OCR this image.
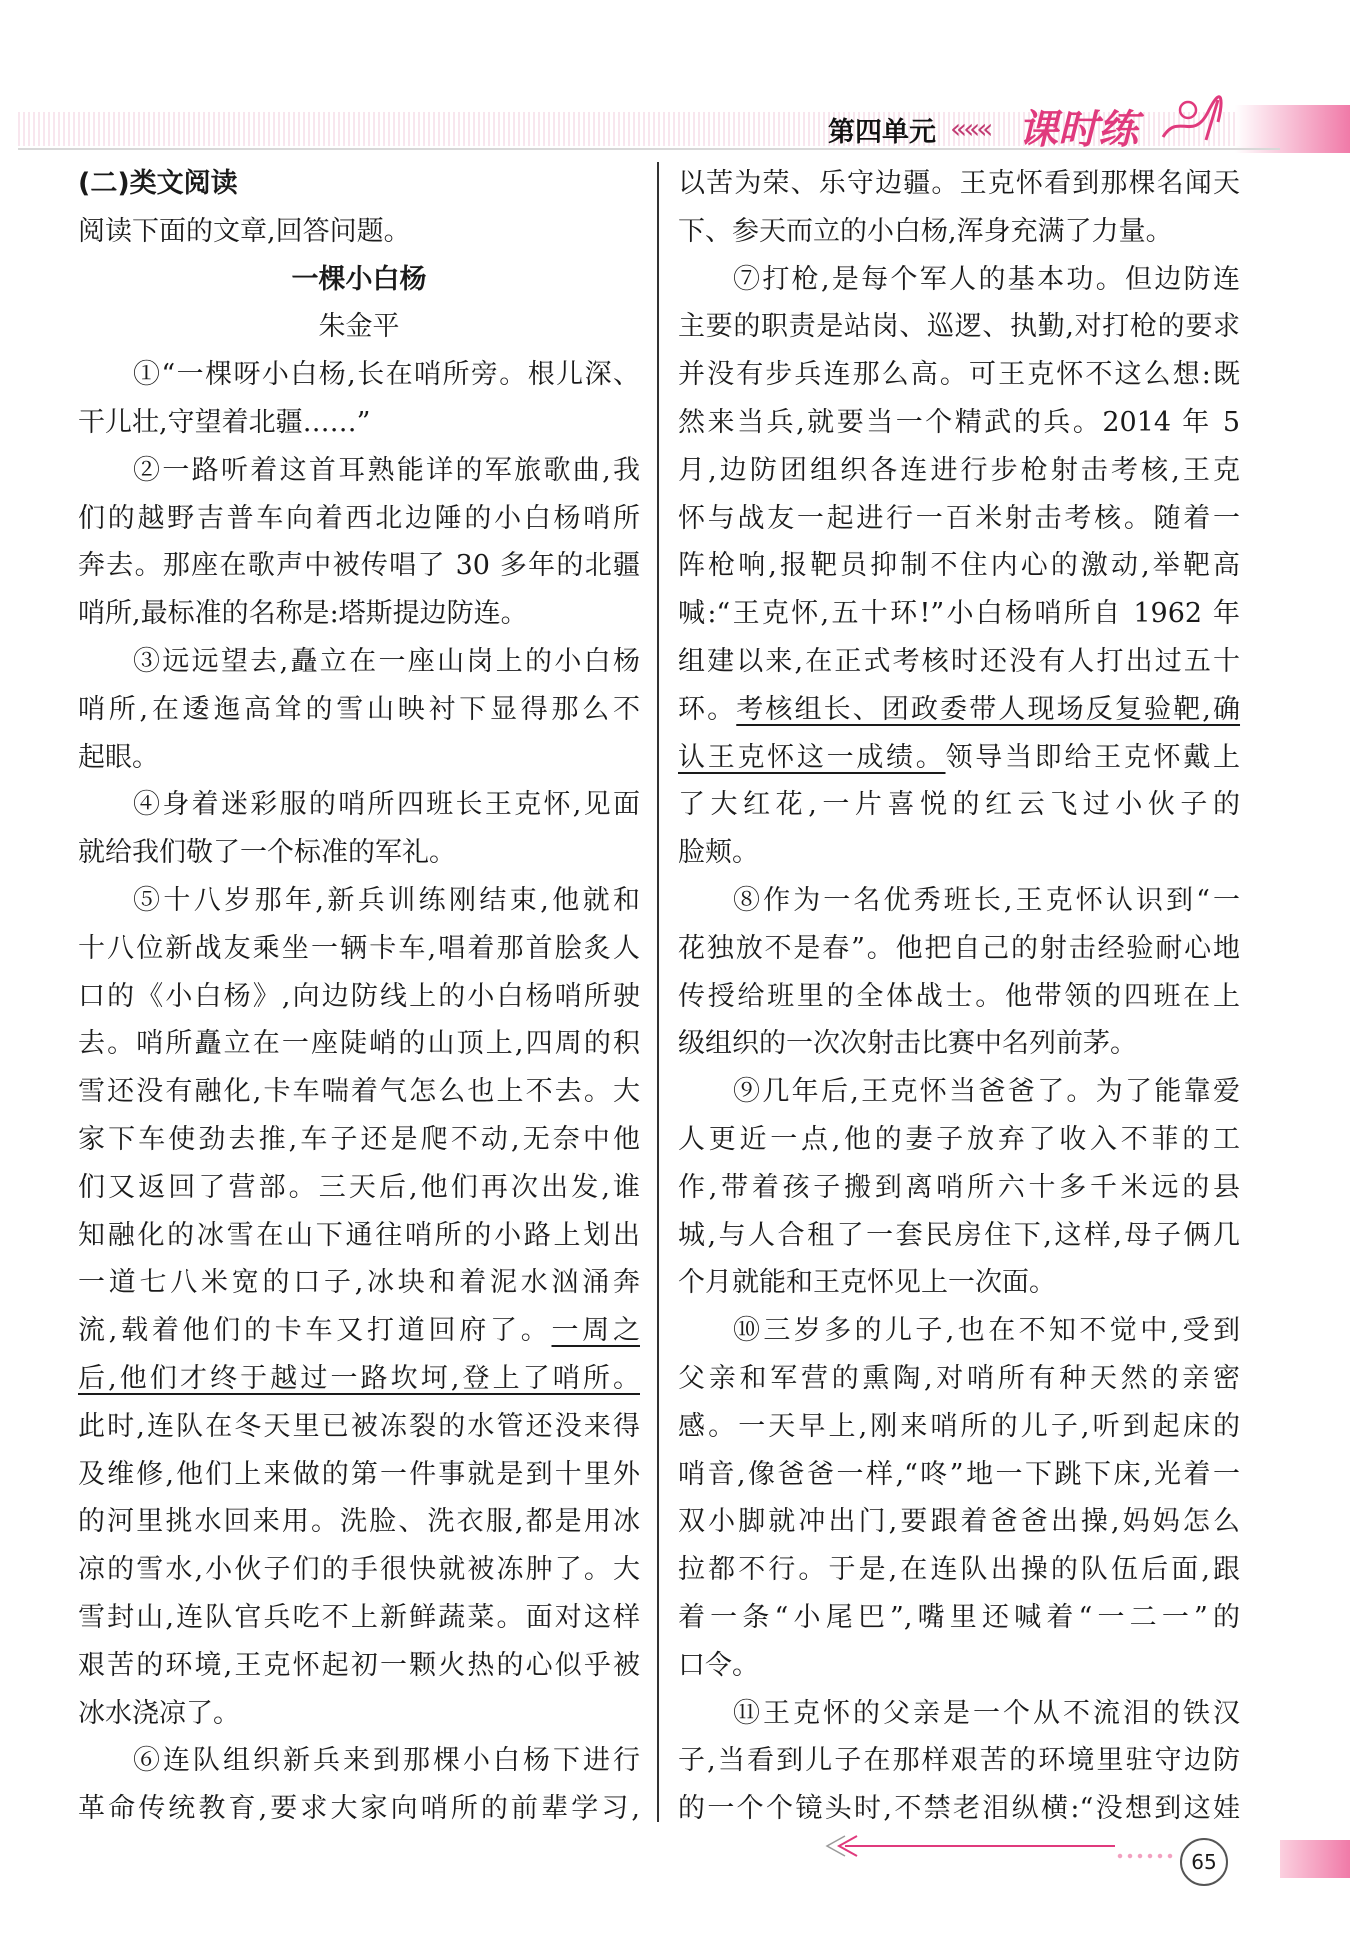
第四单元 ««« 课时练
(二)类文阅读
阅读下面的文章,回答问题。
一棵小白杨
朱金平
①“一棵呀小白杨,长在哨所旁。根儿深、
干儿壮,守望着北疆……”
②一路听着这首耳熟能详的军旅歌曲,我
们的越野吉普车向着西北边陲的小白杨哨所
奔去。那座在歌声中被传唱了 30 多年的北疆
哨所,最标准的名称是:塔斯提边防连。
③远远望去,矗立在一座山岗上的小白杨
哨所,在逶迤高耸的雪山映衬下显得那么不
起眼。
④身着迷彩服的哨所四班长王克怀,见面
就给我们敬了一个标准的军礼。
⑤十八岁那年,新兵训练刚结束,他就和
十八位新战友乘坐一辆卡车,唱着那首脍炙人
口的《小白杨》,向边防线上的小白杨哨所驶
去。哨所矗立在一座陡峭的山顶上,四周的积
雪还没有融化,卡车喘着气怎么也上不去。大
家下车使劲去推,车子还是爬不动,无奈中他
们又返回了营部。三天后,他们再次出发,谁
知融化的冰雪在山下通往哨所的小路上划出
一道七八米宽的口子,冰块和着泥水汹涌奔
流,载着他们的卡车又打道回府了。一周之
后,他们才终于越过一路坎坷,登上了哨所。
此时,连队在冬天里已被冻裂的水管还没来得
及维修,他们上来做的第一件事就是到十里外
的河里挑水回来用。洗脸、洗衣服,都是用冰
凉的雪水,小伙子们的手很快就被冻肿了。大
雪封山,连队官兵吃不上新鲜蔬菜。面对这样
艰苦的环境,王克怀起初一颗火热的心似乎被
冰水浇凉了。
⑥连队组织新兵来到那棵小白杨下进行
革命传统教育,要求大家向哨所的前辈学习,
以苦为荣、乐守边疆。王克怀看到那棵名闻天
下、参天而立的小白杨,浑身充满了力量。
⑦打枪,是每个军人的基本功。但边防连
主要的职责是站岗、巡逻、执勤,对打枪的要求
并没有步兵连那么高。可王克怀不这么想:既
然来当兵,就要当一个精武的兵。2014 年 5
月,边防团组织各连进行步枪射击考核,王克
怀与战友一起进行一百米射击考核。随着一
阵枪响,报靶员抑制不住内心的激动,举靶高
喊:“王克怀,五十环!”小白杨哨所自 1962 年
组建以来,在正式考核时还没有人打出过五十
环。考核组长、团政委带人现场反复验靶,确
认王克怀这一成绩。领导当即给王克怀戴上
了大红花,一片喜悦的红云飞过小伙子的
脸颊。
⑧作为一名优秀班长,王克怀认识到“一
花独放不是春”。他把自己的射击经验耐心地
传授给班里的全体战士。他带领的四班在上
级组织的一次次射击比赛中名列前茅。
⑨几年后,王克怀当爸爸了。为了能靠爱
人更近一点,他的妻子放弃了收入不菲的工
作,带着孩子搬到离哨所六十多千米远的县
城,与人合租了一套民房住下,这样,母子俩几
个月就能和王克怀见上一次面。
⑩三岁多的儿子,也在不知不觉中,受到
父亲和军营的熏陶,对哨所有种天然的亲密
感。一天早上,刚来哨所的儿子,听到起床的
哨音,像爸爸一样,“咚”地一下跳下床,光着一
双小脚就冲出门,要跟着爸爸出操,妈妈怎么
拉都不行。于是,在连队出操的队伍后面,跟
着一条“小尾巴”,嘴里还喊着“一二一”的
口令。
⑪王克怀的父亲是一个从不流泪的铁汉
子,当看到儿子在那样艰苦的环境里驻守边防
的一个个镜头时,不禁老泪纵横:“没想到这娃
65
